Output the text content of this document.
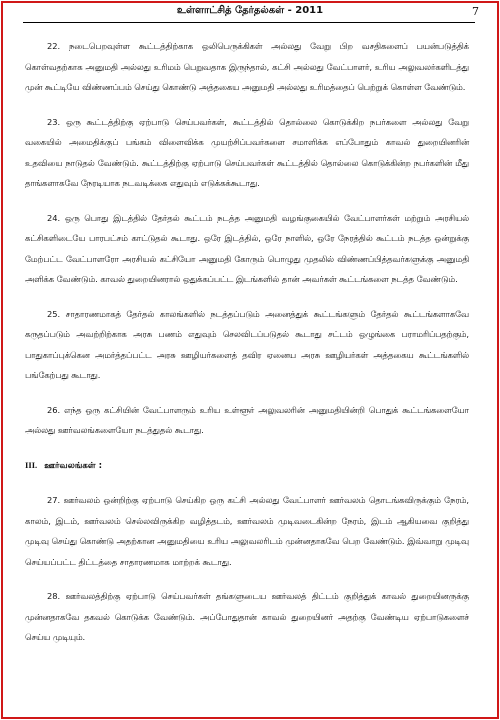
உள்ளாட்சித் தேர்தல்கள் - 2011	7

22. நடைபெறவுள்ள கூட்டத்திற்காக ஒலிபெருக்கிகள் அல்லது வேறு பிற வசதிகளைப் பயன்படுத்திக் கொள்வதற்காக அனுமதி அல்லது உரிமம் பெறுவதாக இருந்தால், கட்சி அல்லது வேட்பாளர், உரிய அலுவலர்களிடத்து முன் கூட்டியே விண்ணப்பம் செய்து கொண்டு அத்தகைய அனுமதி அல்லது உரிமத்தைப் பெற்றுக் கொள்ள வேண்டும்.

23. ஒரு கூட்டத்திற்கு ஏற்பாடு செய்பவர்கள், கூட்டத்தில் தொல்லை கொடுக்கிற நபர்களை அல்லது வேறு வகையில் அமைதிக்குப் பங்கம் விளைவிக்க முயற்சிப்பவர்களை சமாளிக்க எப்போதும் காவல் துறையினரின் உதவியை நாடுதல் வேண்டும். கூட்டத்திற்கு ஏற்பாடு செய்பவர்கள் கூட்டத்தில் தொல்லை கொடுக்கின்ற நபர்களின் மீது தாங்களாகவே நேரடியாக நடவடிக்கை எதுவும் எடுக்கக்கூடாது.

24. ஒரு பொது இடத்தில் தேர்தல் கூட்டம் நடத்த அனுமதி வழங்குகையில் வேட்பாளர்கள் மற்றும் அரசியல் கட்சிகளிடையே பாரபட்சம் காட்டுதல் கூடாது. ஒரே இடத்தில், ஒரே நாளில், ஒரே நேரத்தில் கூட்டம் நடத்த ஒன்றுக்கு மேற்பட்ட வேட்பாளரோ அரசியல் கட்சியோ அனுமதி கோரும் பொழுது முதலில் விண்ணப்பித்தவர்களுக்கு அனுமதி அளிக்க வேண்டும். காவல் துறையினரால் ஒதுக்கப்பட்ட இடங்களில் தான் அவர்கள் கூட்டங்களை நடத்த வேண்டும்.

25. சாதாரணமாகத் தேர்தல் காலங்களில் நடத்தப்படும் அனைத்துக் கூட்டங்களும் தேர்தல் கூட்டங்களாகவே கருதப்படும் அவற்றிற்காக அரசு பணம் எதுவும் செலவிடப்படுதல் கூடாது சட்டம் ஒழுங்கை பராமரிப்பதற்கும், பாதுகாப்புக்கென அமர்த்தப்பட்ட அரசு ஊழியர்களைத் தவிர ஏனைய அரசு ஊழியர்கள் அத்தகைய கூட்டங்களில் பங்கேற்பது கூடாது.

26. எந்த ஒரு கட்சியின் வேட்பாளரும் உரிய உள்ளூர் அலுவலரின் அனுமதியின்றி பொதுக் கூட்டங்களையோ அல்லது ஊர்வலங்களையோ நடத்துதல் கூடாது.

III. ஊர்வலங்கள் :

27. ஊர்வலம் ஒன்றிற்கு ஏற்பாடு செய்கிற ஒரு கட்சி அல்லது வேட்பாளர் ஊர்வலம் தொடங்கவிருக்கும் நேரம், காலம், இடம், ஊர்வலம் செல்லவிருக்கிற வழித்தடம், ஊர்வலம் முடிவடைகின்ற நேரம், இடம் ஆகியவை குறித்து முடிவு செய்து கொண்டு அதற்கான அனுமதியை உரிய அலுவலரிடம் முன்னதாகவே பெற வேண்டும். இவ்வாறு முடிவு செய்யப்பட்ட திட்டத்தை சாதாரணமாக மாற்றக் கூடாது.

28. ஊர்வலத்திற்கு ஏற்பாடு செய்பவர்கள் தங்களுடைய ஊர்வலத் திட்டம் குறித்துக் காவல் துறையினருக்கு முன்னதாகவே தகவல் கொடுக்க வேண்டும். அப்போதுதான் காவல் துறையினர் அதற்கு வேண்டிய ஏற்பாடுகளைச் செய்ய முடியும்.
